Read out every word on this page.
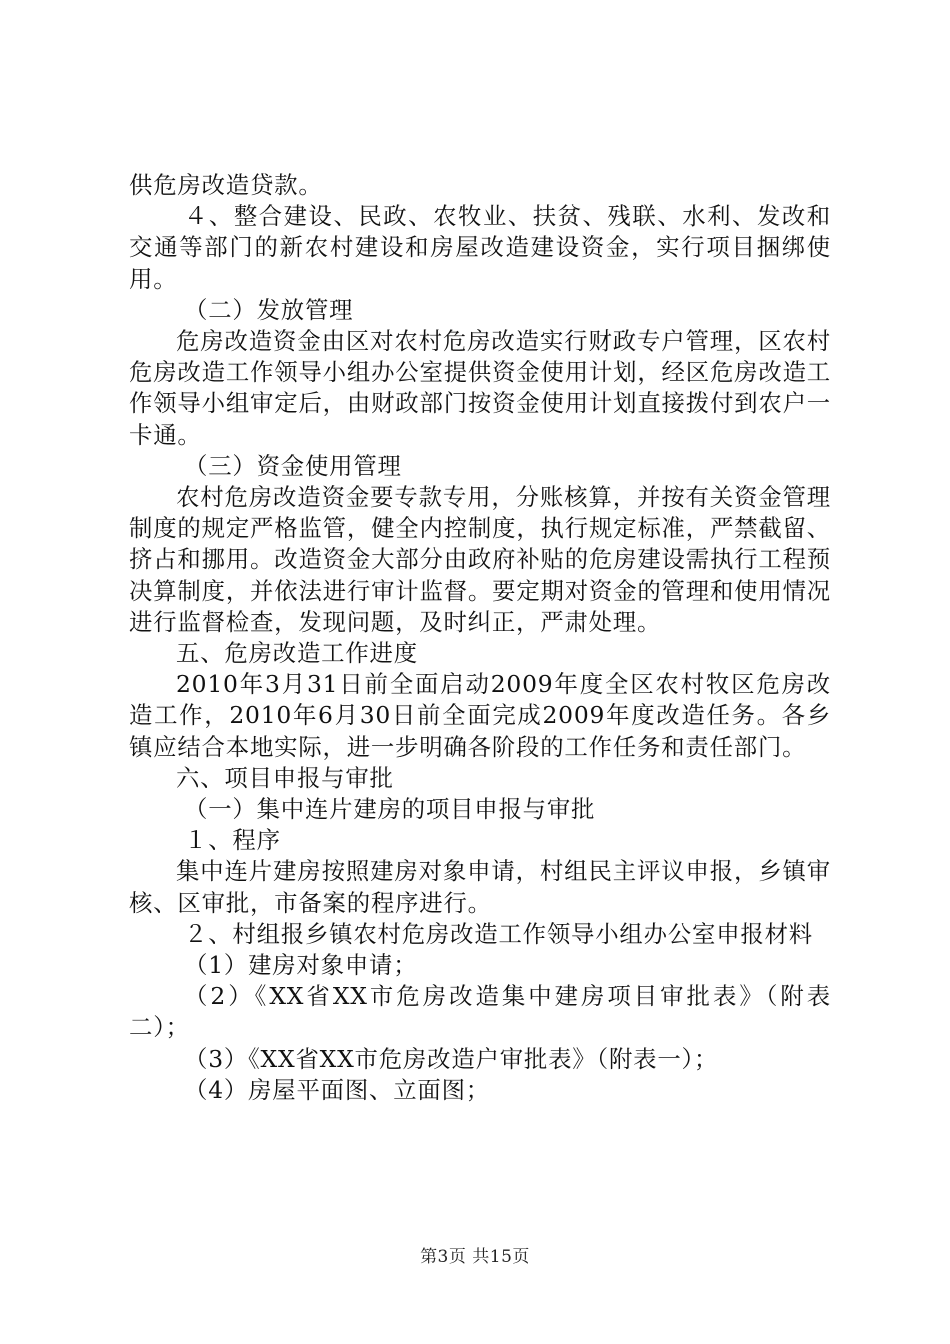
供危房改造贷款。

４、整合建设、民政、农牧业、扶贫、残联、水利、发改和交通等部门的新农村建设和房屋改造建设资金，实行项目捆绑使用。

（二）发放管理

危房改造资金由区对农村危房改造实行财政专户管理，区农村危房改造工作领导小组办公室提供资金使用计划，经区危房改造工作领导小组审定后，由财政部门按资金使用计划直接拨付到农户一卡通。

（三）资金使用管理

农村危房改造资金要专款专用，分账核算，并按有关资金管理制度的规定严格监管，健全内控制度，执行规定标准，严禁截留、挤占和挪用。改造资金大部分由政府补贴的危房建设需执行工程预决算制度，并依法进行审计监督。要定期对资金的管理和使用情况进行监督检查，发现问题，及时纠正，严肃处理。

五、危房改造工作进度

2010年3月31日前全面启动2009年度全区农村牧区危房改造工作，2010年6月30日前全面完成2009年度改造任务。各乡镇应结合本地实际，进一步明确各阶段的工作任务和责任部门。

六、项目申报与审批

（一）集中连片建房的项目申报与审批

１、程序

集中连片建房按照建房对象申请，村组民主评议申报，乡镇审核、区审批，市备案的程序进行。

２、村组报乡镇农村危房改造工作领导小组办公室申报材料

（1）建房对象申请；

（2）《XX省XX市危房改造集中建房项目审批表》（附表二）；

（3）《XX省XX市危房改造户审批表》（附表一）；

（4）房屋平面图、立面图；

第3页 共15页
